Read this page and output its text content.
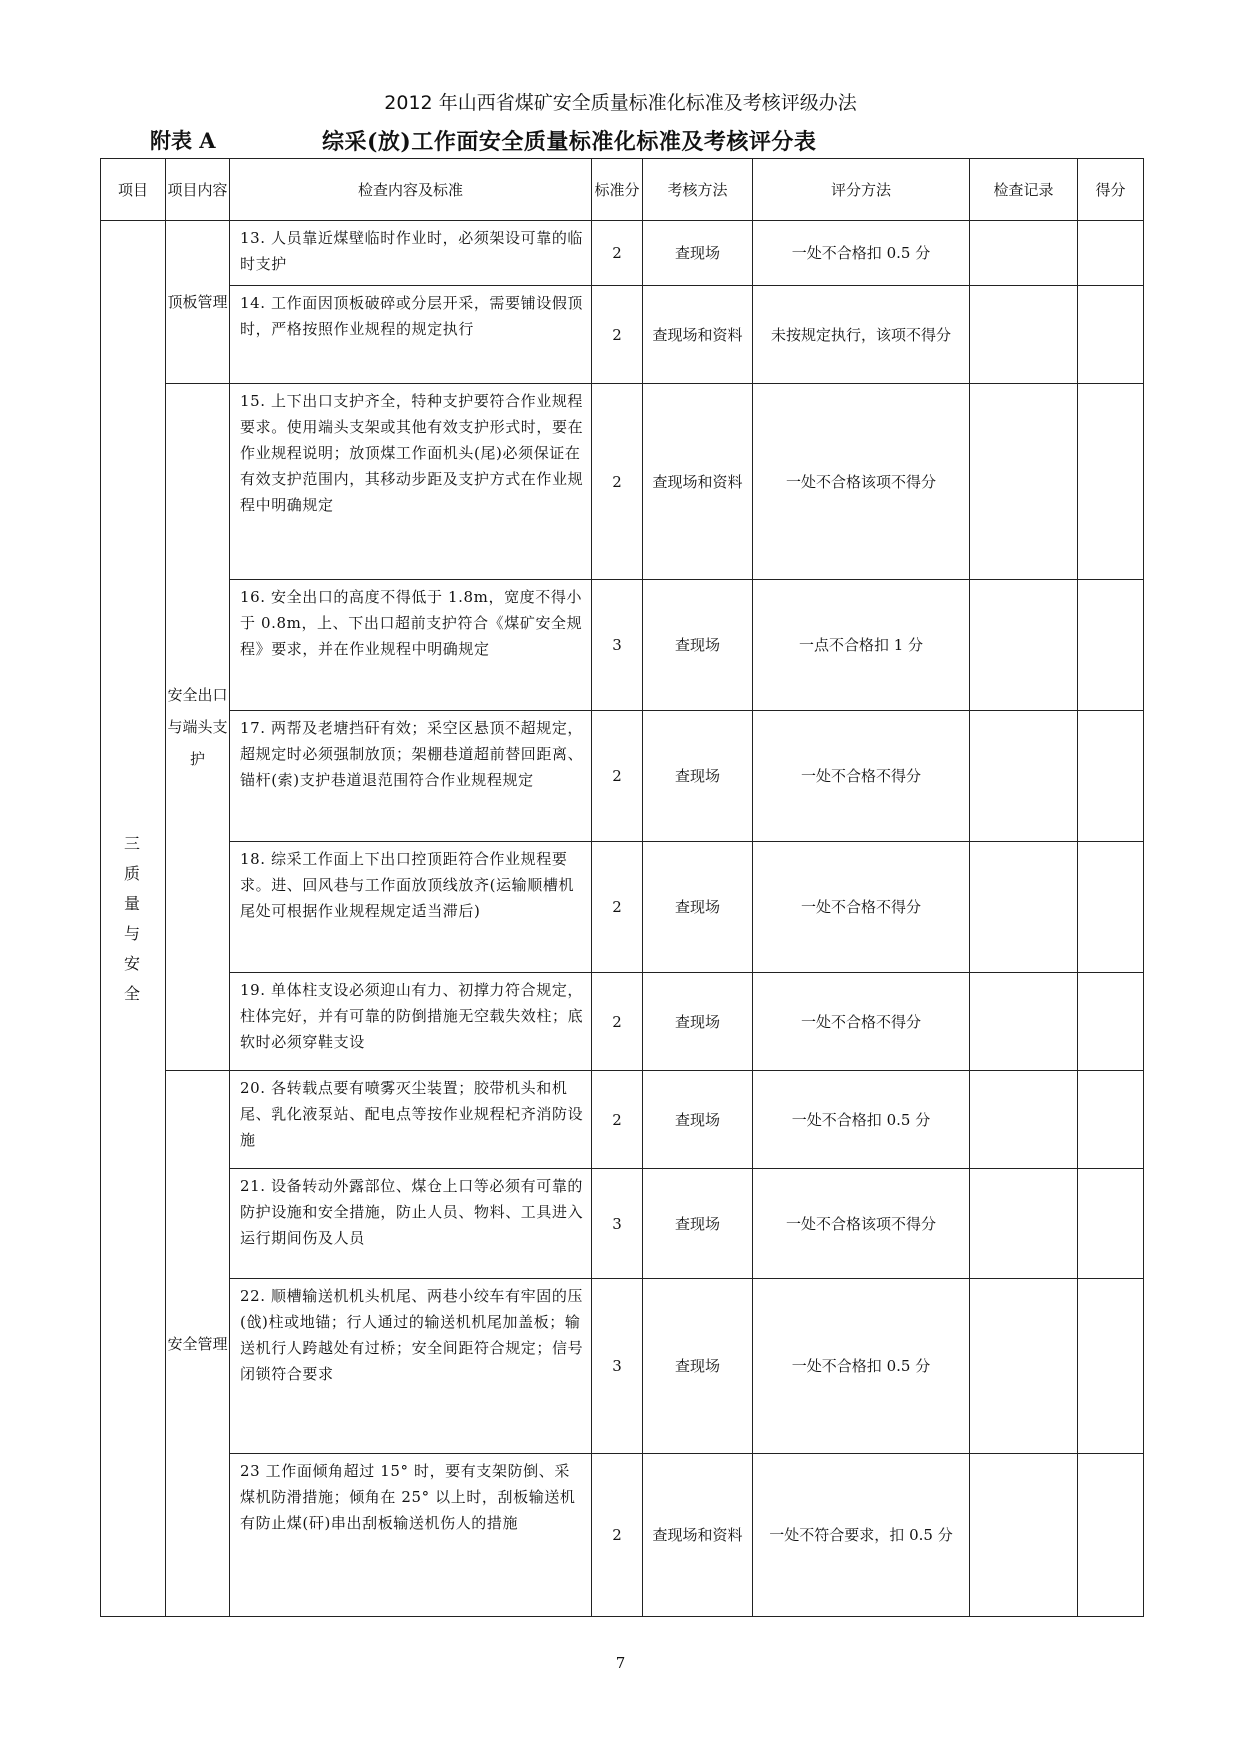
2012 年山西省煤矿安全质量标准化标准及考核评级办法
附表 A	综采(放)工作面安全质量标准化标准及考核评分表
项目	项目内容	检查内容及标准	标准分	考核方法	评分方法	检查记录	得分
三 质 量 与 安 全	顶板管理	13. 人员靠近煤壁临时作业时，必须架设可靠的临时支护	2	查现场	一处不合格扣 0.5 分		
		14. 工作面因顶板破碎或分层开采，需要铺设假顶时，严格按照作业规程的规定执行	2	查现场和资料	未按规定执行，该项不得分		
	安全出口与端头支护	15. 上下出口支护齐全，特种支护要符合作业规程要求。使用端头支架或其他有效支护形式时，要在作业规程说明；放顶煤工作面机头(尾)必须保证在有效支护范围内，其移动步距及支护方式在作业规程中明确规定	2	查现场和资料	一处不合格该项不得分		
		16. 安全出口的高度不得低于 1.8m，宽度不得小于 0.8m，上、下出口超前支护符合《煤矿安全规程》要求，并在作业规程中明确规定	3	查现场	一点不合格扣 1 分		
		17. 两帮及老塘挡矸有效；采空区悬顶不超规定，超规定时必须强制放顶；架棚巷道超前替回距离、锚杆(索)支护巷道退范围符合作业规程规定	2	查现场	一处不合格不得分		
		18. 综采工作面上下出口控顶距符合作业规程要求。进、回风巷与工作面放顶线放齐(运输顺槽机尾处可根据作业规程规定适当滞后)	2	查现场	一处不合格不得分		
		19. 单体柱支设必须迎山有力、初撑力符合规定，柱体完好，并有可靠的防倒措施无空载失效柱；底软时必须穿鞋支设	2	查现场	一处不合格不得分		
	安全管理	20. 各转载点要有喷雾灭尘装置；胶带机头和机尾、乳化液泵站、配电点等按作业规程杞齐消防设施	2	查现场	一处不合格扣 0.5 分		
		21. 设备转动外露部位、煤仓上口等必须有可靠的防护设施和安全措施，防止人员、物料、工具进入运行期间伤及人员	3	查现场	一处不合格该项不得分		
		22. 顺槽输送机机头机尾、两巷小绞车有牢固的压(戗)柱或地锚；行人通过的输送机机尾加盖板；输送机行人跨越处有过桥；安全间距符合规定；信号闭锁符合要求	3	查现场	一处不合格扣 0.5 分		
		23 工作面倾角超过 15° 时，要有支架防倒、采煤机防滑措施；倾角在 25° 以上时，刮板输送机有防止煤(矸)串出刮板输送机伤人的措施	2	查现场和资料	一处不符合要求，扣 0.5 分		
7
